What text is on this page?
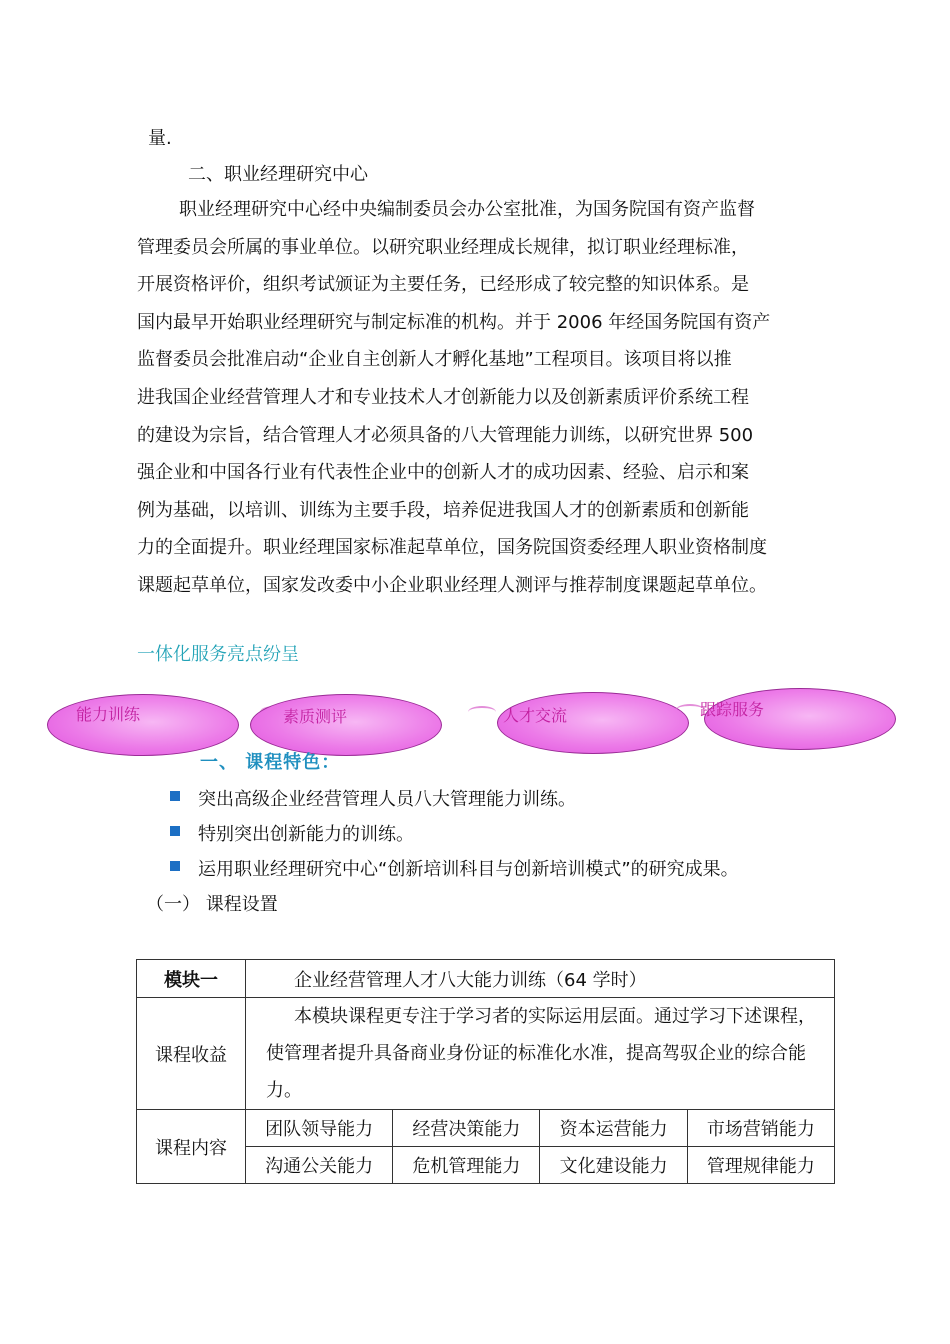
量.
二、职业经理研究中心
职业经理研究中心经中央编制委员会办公室批准，为国务院国有资产监督
管理委员会所属的事业单位。以研究职业经理成长规律，拟订职业经理标准，
开展资格评价，组织考试颁证为主要任务，已经形成了较完整的知识体系。是
国内最早开始职业经理研究与制定标准的机构。并于 2006 年经国务院国有资产
监督委员会批准启动“企业自主创新人才孵化基地”工程项目。该项目将以推
进我国企业经营管理人才和专业技术人才创新能力以及创新素质评价系统工程
的建设为宗旨，结合管理人才必须具备的八大管理能力训练，以研究世界 500
强企业和中国各行业有代表性企业中的创新人才的成功因素、经验、启示和案
例为基础，以培训、训练为主要手段，培养促进我国人才的创新素质和创新能
力的全面提升。职业经理国家标准起草单位，国务院国资委经理人职业资格制度
课题起草单位，国家发改委中小企业职业经理人测评与推荐制度课题起草单位。
一体化服务亮点纷呈
能力训练	素质测评	人才交流	跟踪服务
一、 课程特色：
突出高级企业经营管理人员八大管理能力训练。
特别突出创新能力的训练。
运用职业经理研究中心“创新培训科目与创新培训模式”的研究成果。
（一） 课程设置
模块一	企业经营管理人才八大能力训练（64 学时）
课程收益	本模块课程更专注于学习者的实际运用层面。通过学习下述课程，使管理者提升具备商业身份证的标准化水准，提高驾驭企业的综合能力。
课程内容	
团队领导能力	经营决策能力	资本运营能力	市场营销能力
沟通公关能力	危机管理能力	文化建设能力	管理规律能力
